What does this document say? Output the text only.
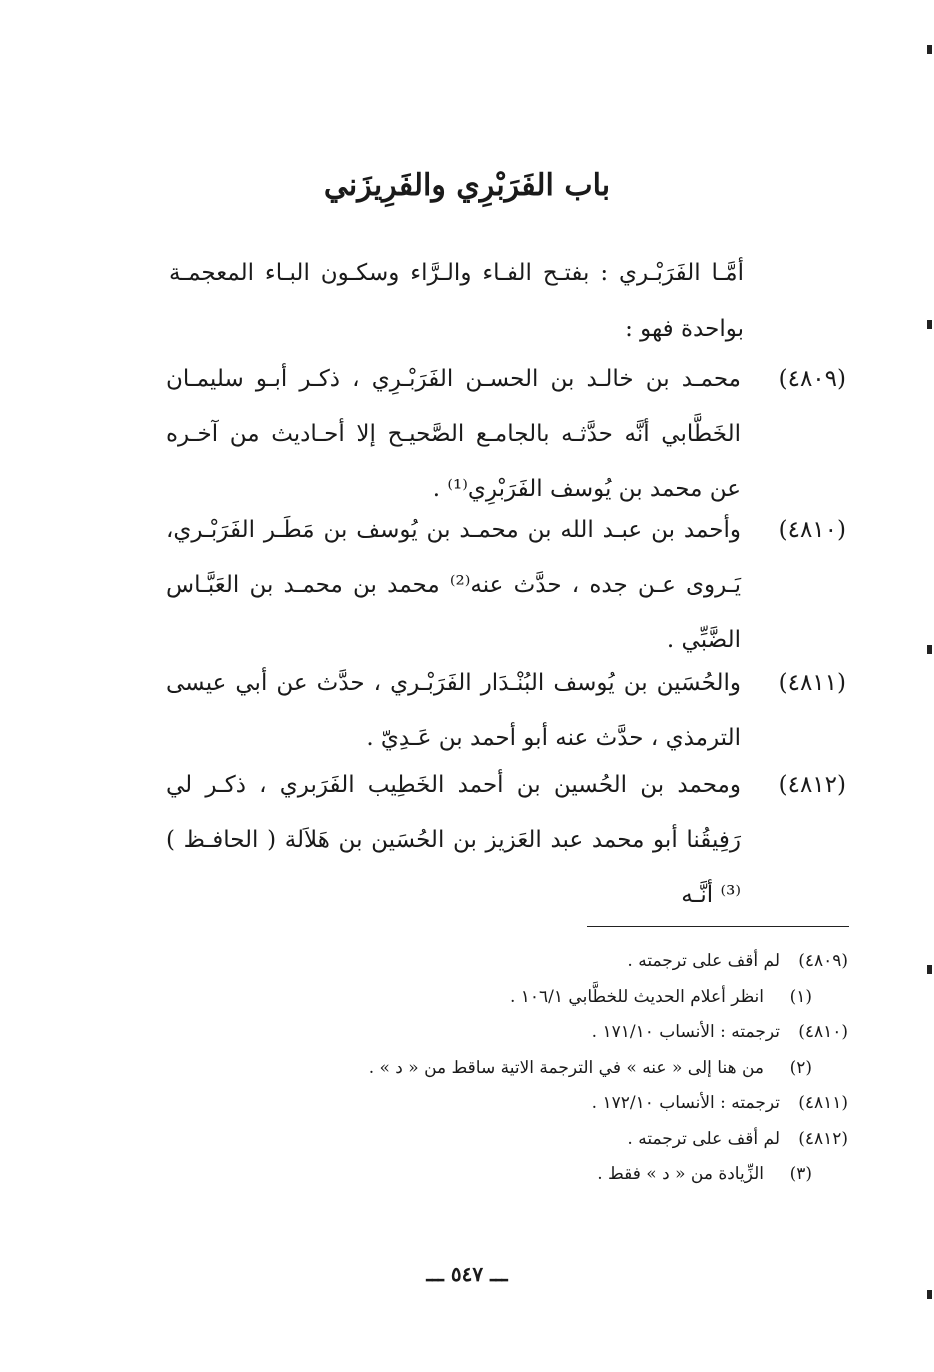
باب الفَرَبْرِي والفَرِيزَني
أمَّـا الفَرَبْـري : بفتـح الفـاء والـرَّاء وسكـون البـاء المعجمـة بواحدة فهو :
(٤٨٠٩)
محمـد بن خالـد بن الحسـن الفَرَبْـرِي ، ذكـر أبـو سليمـان الخَطَّابي أنَّه حدَّثـه بالجامـع الصَّحيـح إلا أحـاديث من آخـره عن محمد بن يُوسف الفَرَبْرِي⁽¹⁾ .
(٤٨١٠)
وأحمد بن عبـد الله بن محمـد بن يُوسف بن مَطَـر الفَرَبْـري، يَـروى عـن جده ، حدَّث عنه⁽²⁾ محمد بن محمـد بن العَبَّـاس الضَّبِّي .
(٤٨١١)
والحُسَين بن يُوسف البُنْـدَار الفَرَبْـري ، حدَّث عن أبي عيسى الترمذي ، حدَّث عنه أبو أحمد بن عَـدِيّ .
(٤٨١٢)
ومحمد بن الحُسين بن أحمد الخَطِيب الفَرَبري ، ذكـر لي رَفِيقُنا أبو محمد عبد العَزيز بن الحُسَين بن هَلاَلة ( الحافـظ )⁽³⁾ أنَّـه
(٤٨٠٩)لم أقف على ترجمته .
(١)انظر أعلام الحديث للخطَّابي ١٠٦/١ .
(٤٨١٠)ترجمته : الأنساب ١٧١/١٠ .
(٢)من هنا إلى « عنه » في الترجمة الاتية ساقط من « د » .
(٤٨١١)ترجمته : الأنساب ١٧٢/١٠ .
(٤٨١٢)لم أقف على ترجمته .
(٣)الزِّيادة من « د » فقط .
ـــ ٥٤٧ ـــ
